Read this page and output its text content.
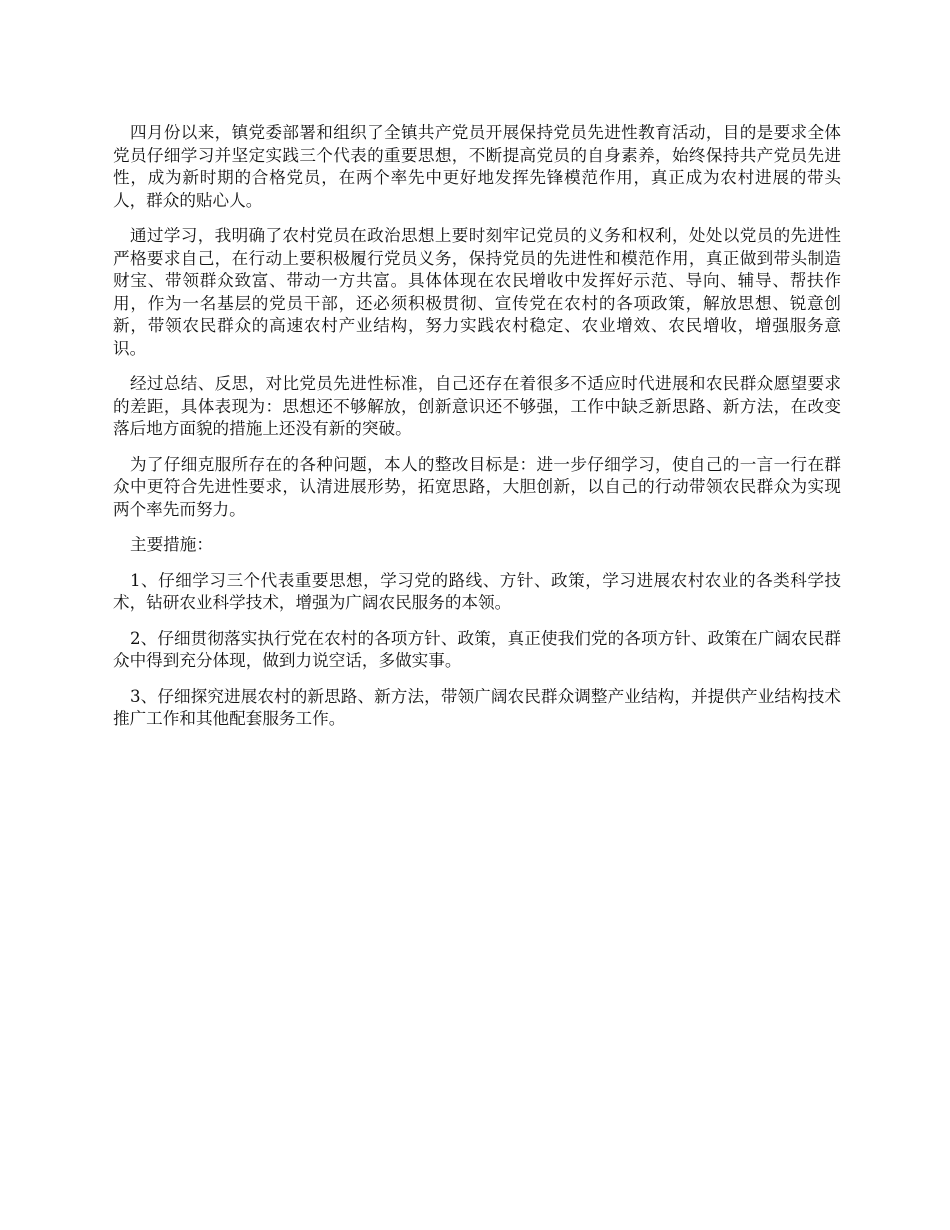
四月份以来，镇党委部署和组织了全镇共产党员开展保持党员先进性教育活动，目的是要求全体党员仔细学习并坚定实践三个代表的重要思想，不断提高党员的自身素养，始终保持共产党员先进性，成为新时期的合格党员，在两个率先中更好地发挥先锋模范作用，真正成为农村进展的带头人，群众的贴心人。

通过学习，我明确了农村党员在政治思想上要时刻牢记党员的义务和权利，处处以党员的先进性严格要求自己，在行动上要积极履行党员义务，保持党员的先进性和模范作用，真正做到带头制造财宝、带领群众致富、带动一方共富。具体体现在农民增收中发挥好示范、导向、辅导、帮扶作用，作为一名基层的党员干部，还必须积极贯彻、宣传党在农村的各项政策，解放思想、锐意创新，带领农民群众的高速农村产业结构，努力实践农村稳定、农业增效、农民增收，增强服务意识。

经过总结、反思，对比党员先进性标准，自己还存在着很多不适应时代进展和农民群众愿望要求的差距，具体表现为：思想还不够解放，创新意识还不够强，工作中缺乏新思路、新方法，在改变落后地方面貌的措施上还没有新的突破。

为了仔细克服所存在的各种问题，本人的整改目标是：进一步仔细学习，使自己的一言一行在群众中更符合先进性要求，认清进展形势，拓宽思路，大胆创新，以自己的行动带领农民群众为实现两个率先而努力。

主要措施：

1、仔细学习三个代表重要思想，学习党的路线、方针、政策，学习进展农村农业的各类科学技术，钻研农业科学技术，增强为广阔农民服务的本领。

2、仔细贯彻落实执行党在农村的各项方针、政策，真正使我们党的各项方针、政策在广阔农民群众中得到充分体现，做到力说空话，多做实事。

3、仔细探究进展农村的新思路、新方法，带领广阔农民群众调整产业结构，并提供产业结构技术推广工作和其他配套服务工作。
